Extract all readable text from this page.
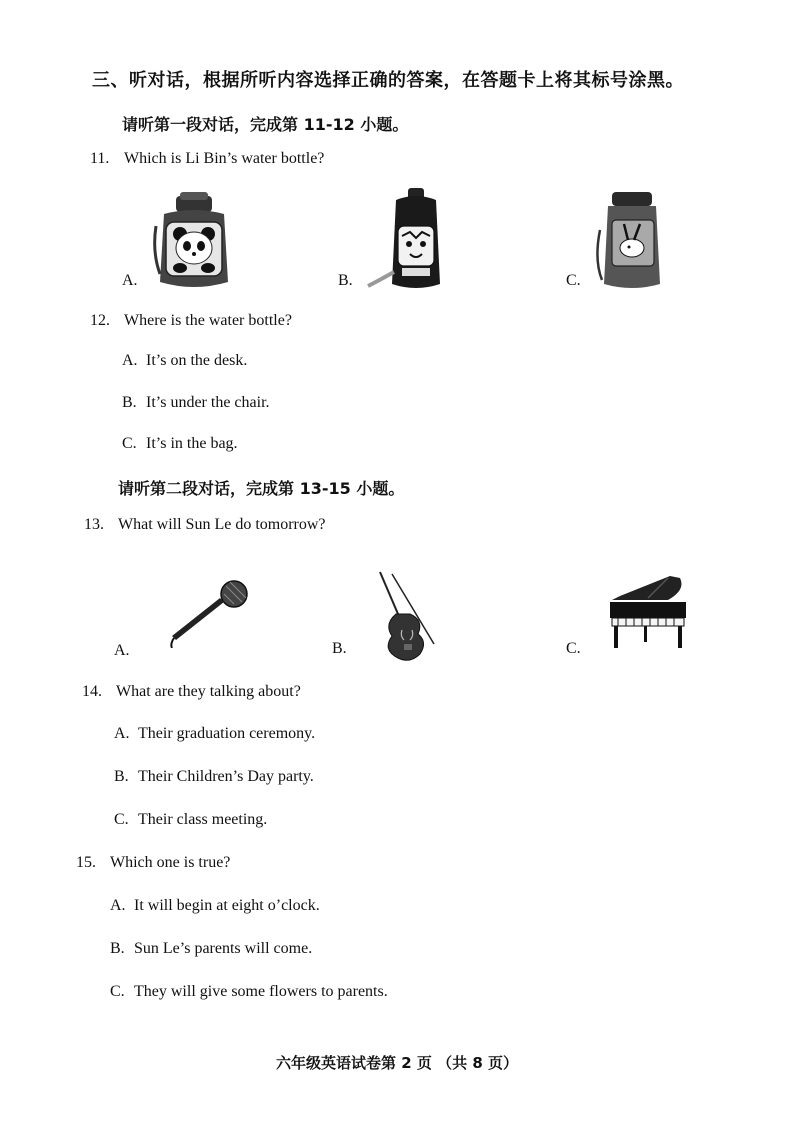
三、听对话，根据所听内容选择正确的答案，在答题卡上将其标号涂黑。
请听第一段对话，完成第 11-12 小题。
11. Which is Li Bin’s water bottle?
A.	B.	C.
12. Where is the water bottle?
A. It’s on the desk.
B. It’s under the chair.
C. It’s in the bag.
请听第二段对话，完成第 13-15 小题。
13. What will Sun Le do tomorrow?
A.	B.	C.
14. What are they talking about?
A. Their graduation ceremony.
B. Their Children’s Day party.
C. Their class meeting.
15. Which one is true?
A. It will begin at eight o’clock.
B. Sun Le’s parents will come.
C. They will give some flowers to parents.
六年级英语试卷第 2 页 （共 8 页）
